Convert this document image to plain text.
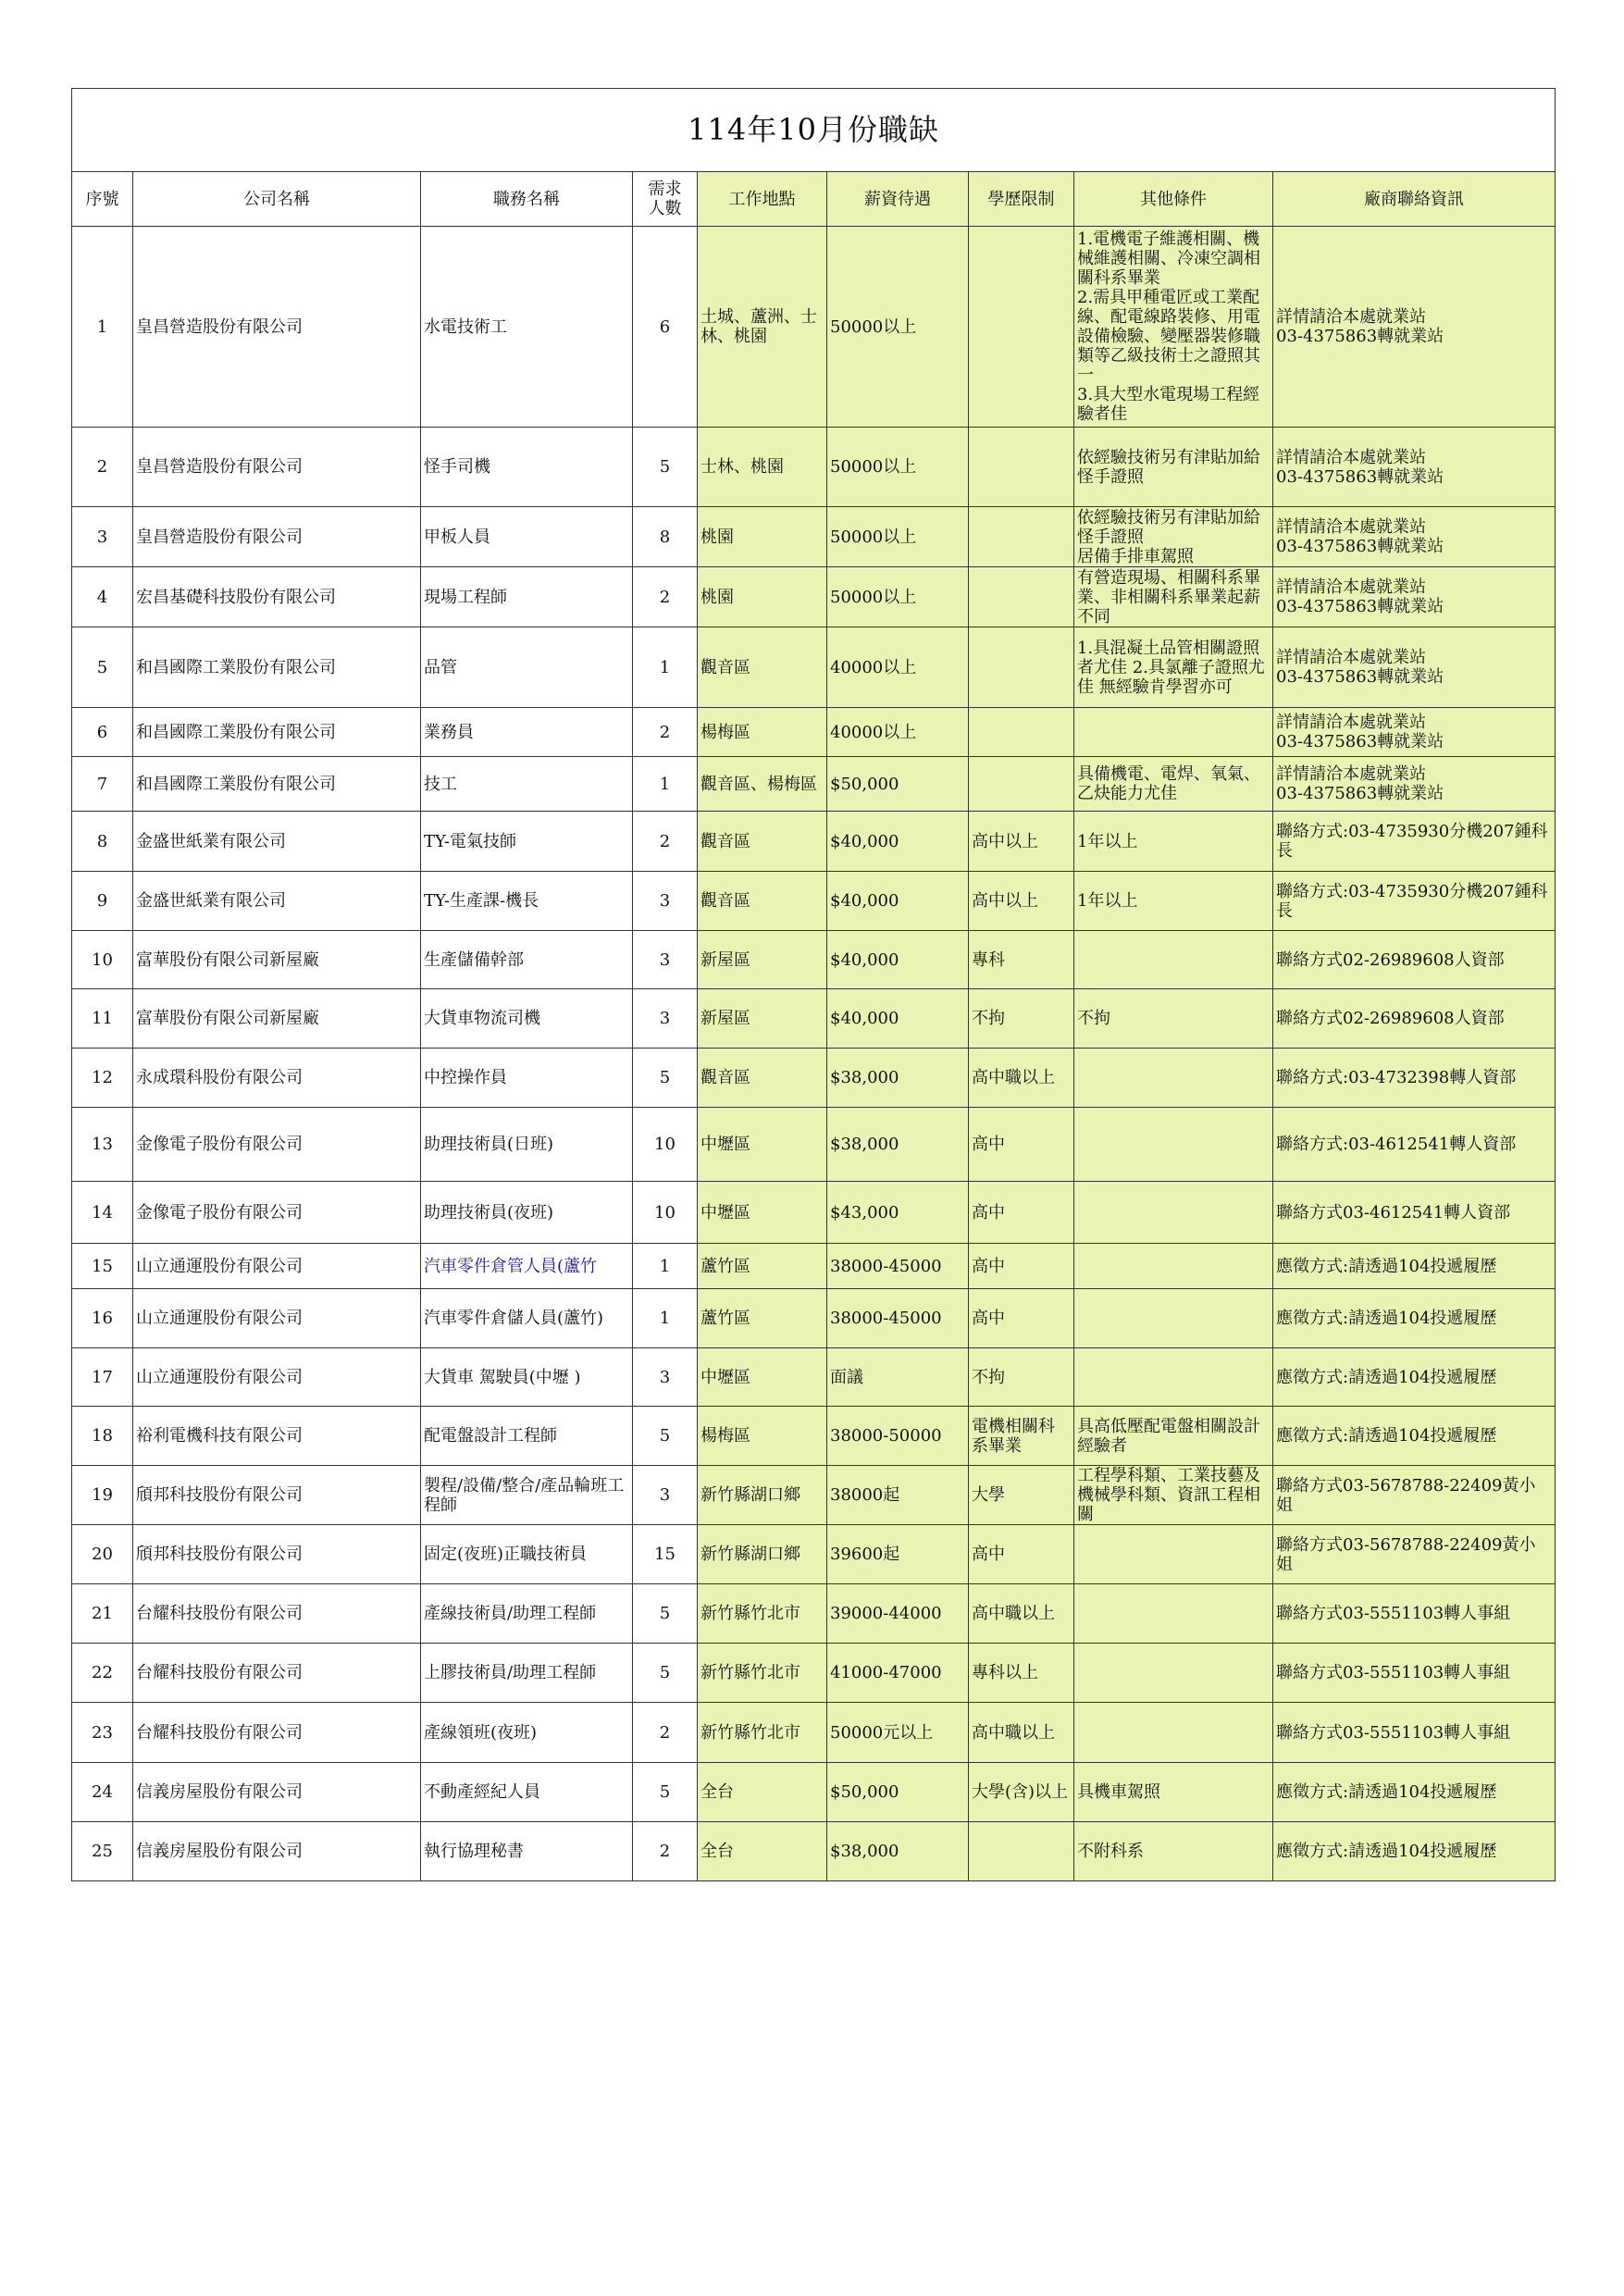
114年10月份職缺								
序號	公司名稱	職務名稱	需求人數	工作地點	薪資待遇	學歷限制	其他條件	廠商聯絡資訊
1	皇昌營造股份有限公司	水電技術工	6	土城、蘆洲、士林、桃園	50000以上		1.電機電子維護相關、機械維護相關、冷凍空調相關科系畢業
2.需具甲種電匠或工業配線、配電線路裝修、用電設備檢驗、變壓器裝修職類等乙級技術士之證照其一
3.具大型水電現場工程經驗者佳	詳情請洽本處就業站
03-4375863轉就業站
2	皇昌營造股份有限公司	怪手司機	5	士林、桃園	50000以上		依經驗技術另有津貼加給
怪手證照	詳情請洽本處就業站
03-4375863轉就業站
3	皇昌營造股份有限公司	甲板人員	8	桃園	50000以上		依經驗技術另有津貼加給 怪手證照
居備手排車駕照	詳情請洽本處就業站
03-4375863轉就業站
4	宏昌基礎科技股份有限公司	現場工程師	2	桃園	50000以上		有營造現場、相關科系畢業、非相關科系畢業起薪不同	詳情請洽本處就業站
03-4375863轉就業站
5	和昌國際工業股份有限公司	品管	1	觀音區	40000以上		1.具混凝土品管相關證照者尤佳 2.具氯離子證照尤佳 無經驗肯學習亦可	詳情請洽本處就業站
03-4375863轉就業站
6	和昌國際工業股份有限公司	業務員	2	楊梅區	40000以上			詳情請洽本處就業站
03-4375863轉就業站
7	和昌國際工業股份有限公司	技工	1	觀音區、楊梅區	$50,000		具備機電、電焊、氧氣、乙炔能力尤佳	詳情請洽本處就業站
03-4375863轉就業站
8	金盛世紙業有限公司	TY-電氣技師	2	觀音區	$40,000	高中以上	1年以上	聯絡方式:03-4735930分機207鍾科長
9	金盛世紙業有限公司	TY-生產課-機長	3	觀音區	$40,000	高中以上	1年以上	聯絡方式:03-4735930分機207鍾科長
10	富華股份有限公司新屋廠	生產儲備幹部	3	新屋區	$40,000	專科		聯絡方式02-26989608人資部
11	富華股份有限公司新屋廠	大貨車物流司機	3	新屋區	$40,000	不拘	不拘	聯絡方式02-26989608人資部
12	永成環科股份有限公司	中控操作員	5	觀音區	$38,000	高中職以上		聯絡方式:03-4732398轉人資部
13	金像電子股份有限公司	助理技術員(日班)	10	中壢區	$38,000	高中		聯絡方式:03-4612541轉人資部
14	金像電子股份有限公司	助理技術員(夜班)	10	中壢區	$43,000	高中		聯絡方式03-4612541轉人資部
15	山立通運股份有限公司	汽車零件倉管人員(蘆竹	1	蘆竹區	38000-45000	高中		應徵方式:請透過104投遞履歷
16	山立通運股份有限公司	汽車零件倉儲人員(蘆竹)	1	蘆竹區	38000-45000	高中		應徵方式:請透過104投遞履歷
17	山立通運股份有限公司	大貨車 駕駛員(中壢 )	3	中壢區	面議	不拘		應徵方式:請透過104投遞履歷
18	裕利電機科技有限公司	配電盤設計工程師	5	楊梅區	38000-50000	電機相關科系畢業	具高低壓配電盤相關設計經驗者	應徵方式:請透過104投遞履歷
19	頎邦科技股份有限公司	製程/設備/整合/產品輪班工程師	3	新竹縣湖口鄉	38000起	大學	工程學科類、工業技藝及機械學科類、資訊工程相關	聯絡方式03-5678788-22409黃小姐
20	頎邦科技股份有限公司	固定(夜班)正職技術員	15	新竹縣湖口鄉	39600起	高中		聯絡方式03-5678788-22409黃小姐
21	台耀科技股份有限公司	產線技術員/助理工程師	5	新竹縣竹北市	39000-44000	高中職以上		聯絡方式03-5551103轉人事組
22	台耀科技股份有限公司	上膠技術員/助理工程師	5	新竹縣竹北市	41000-47000	專科以上		聯絡方式03-5551103轉人事組
23	台耀科技股份有限公司	產線領班(夜班)	2	新竹縣竹北市	50000元以上	高中職以上		聯絡方式03-5551103轉人事組
24	信義房屋股份有限公司	不動產經紀人員	5	全台	$50,000	大學(含)以上	具機車駕照	應徵方式:請透過104投遞履歷
25	信義房屋股份有限公司	執行協理秘書	2	全台	$38,000		不附科系	應徵方式:請透過104投遞履歷
